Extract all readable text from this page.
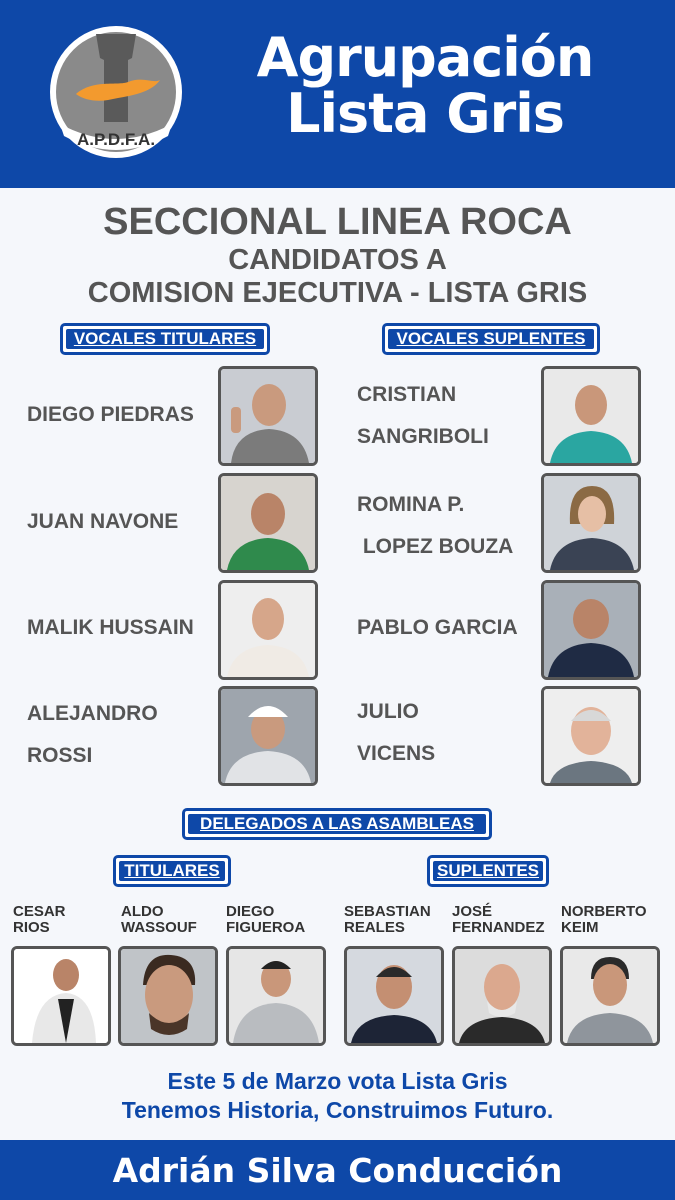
A.P.D.F.A.
Agrupación
Lista Gris
SECCIONAL LINEA ROCA
CANDIDATOS A
COMISION EJECUTIVA - LISTA GRIS
VOCALES TITULARES	VOCALES SUPLENTES
DIEGO PIEDRAS
JUAN NAVONE
MALIK HUSSAIN
ALEJANDRO
ROSSI
CRISTIAN
SANGRIBOLI
ROMINA P.
LOPEZ BOUZA
PABLO GARCIA
JULIO
VICENS
DELEGADOS A LAS ASAMBLEAS
TITULARES	SUPLENTES
CESAR
RIOS
ALDO
WASSOUF
DIEGO
FIGUEROA
SEBASTIAN
REALES
JOSÉ
FERNANDEZ
NORBERTO
KEIM
Este 5 de Marzo vota Lista Gris
Tenemos Historia, Construimos Futuro.
Adrián Silva Conducción
